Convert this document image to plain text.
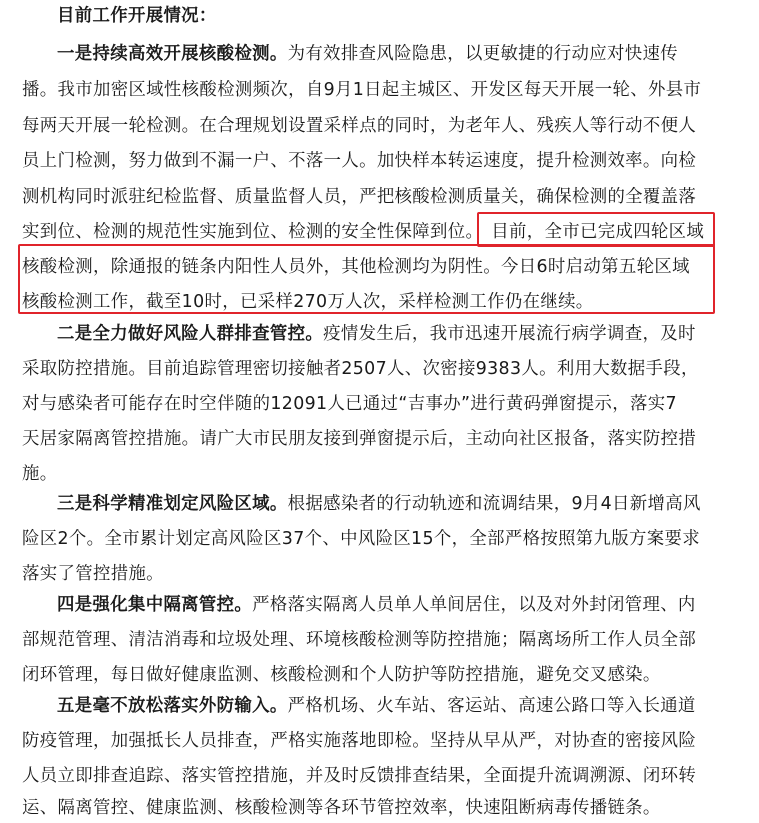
目前工作开展情况：
一是持续高效开展核酸检测。为有效排查风险隐患，以更敏捷的行动应对快速传
播。我市加密区域性核酸检测频次，自9月1日起主城区、开发区每天开展一轮、外县市
每两天开展一轮检测。在合理规划设置采样点的同时，为老年人、残疾人等行动不便人
员上门检测，努力做到不漏一户、不落一人。加快样本转运速度，提升检测效率。向检
测机构同时派驻纪检监督、质量监督人员，严把核酸检测质量关，确保检测的全覆盖落
实到位、检测的规范性实施到位、检测的安全性保障到位。 目前，全市已完成四轮区域
核酸检测，除通报的链条内阳性人员外，其他检测均为阴性。今日6时启动第五轮区域
核酸检测工作，截至10时，已采样270万人次，采样检测工作仍在继续。
二是全力做好风险人群排查管控。疫情发生后，我市迅速开展流行病学调查，及时
采取防控措施。目前追踪管理密切接触者2507人、次密接9383人。利用大数据手段，
对与感染者可能存在时空伴随的12091人已通过“吉事办”进行黄码弹窗提示，落实7
天居家隔离管控措施。请广大市民朋友接到弹窗提示后，主动向社区报备，落实防控措
施。
三是科学精准划定风险区域。根据感染者的行动轨迹和流调结果，9月4日新增高风
险区2个。全市累计划定高风险区37个、中风险区15个，全部严格按照第九版方案要求
落实了管控措施。
四是强化集中隔离管控。严格落实隔离人员单人单间居住，以及对外封闭管理、内
部规范管理、清洁消毒和垃圾处理、环境核酸检测等防控措施；隔离场所工作人员全部
闭环管理，每日做好健康监测、核酸检测和个人防护等防控措施，避免交叉感染。
五是毫不放松落实外防输入。严格机场、火车站、客运站、高速公路口等入长通道
防疫管理，加强抵长人员排查，严格实施落地即检。坚持从早从严，对协查的密接风险
人员立即排查追踪、落实管控措施，并及时反馈排查结果，全面提升流调溯源、闭环转
运、隔离管控、健康监测、核酸检测等各环节管控效率，快速阻断病毒传播链条。
